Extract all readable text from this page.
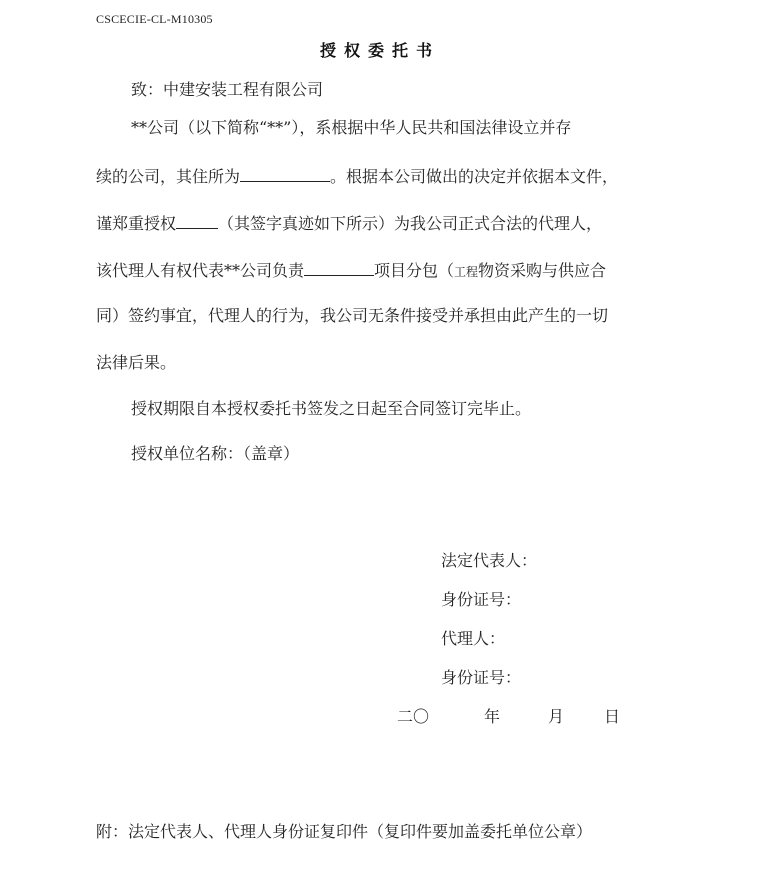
CSCECIE-CL-M10305
授权委托书
致：中建安装工程有限公司
**公司（以下简称“**”），系根据中华人民共和国法律设立并存
续的公司，其住所为	。根据本公司做出的决定并依据本文件，
谨郑重授权	（其签字真迹如下所示）为我公司正式合法的代理人，
该代理人有权代表**公司负责	项目分包（工程物资采购与供应合
同）签约事宜，代理人的行为，我公司无条件接受并承担由此产生的一切
法律后果。
授权期限自本授权委托书签发之日起至合同签订完毕止。
授权单位名称：（盖章）
法定代表人：
身份证号：
代理人：
身份证号：
二〇	年	月 日
附：法定代表人、代理人身份证复印件（复印件要加盖委托单位公章）
